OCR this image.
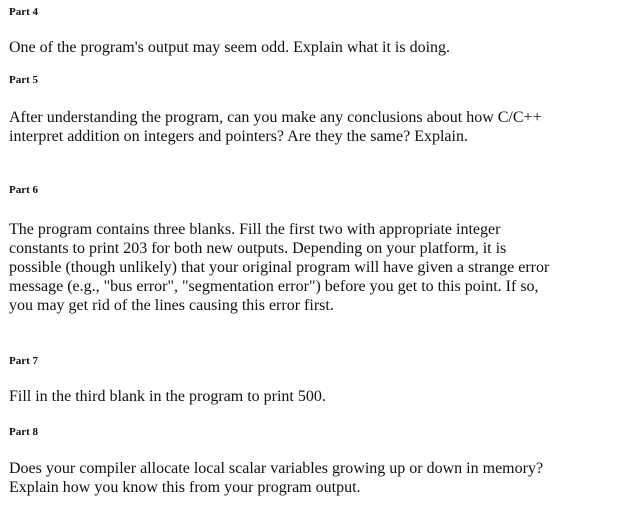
Part 4
One of the program's output may seem odd. Explain what it is doing.
Part 5
After understanding the program, can you make any conclusions about how C/C++
interpret addition on integers and pointers? Are they the same? Explain.
Part 6
The program contains three blanks. Fill the first two with appropriate integer
constants to print 203 for both new outputs. Depending on your platform, it is
possible (though unlikely) that your original program will have given a strange error
message (e.g., "bus error", "segmentation error") before you get to this point. If so,
you may get rid of the lines causing this error first.
Part 7
Fill in the third blank in the program to print 500.
Part 8
Does your compiler allocate local scalar variables growing up or down in memory?
Explain how you know this from your program output.
